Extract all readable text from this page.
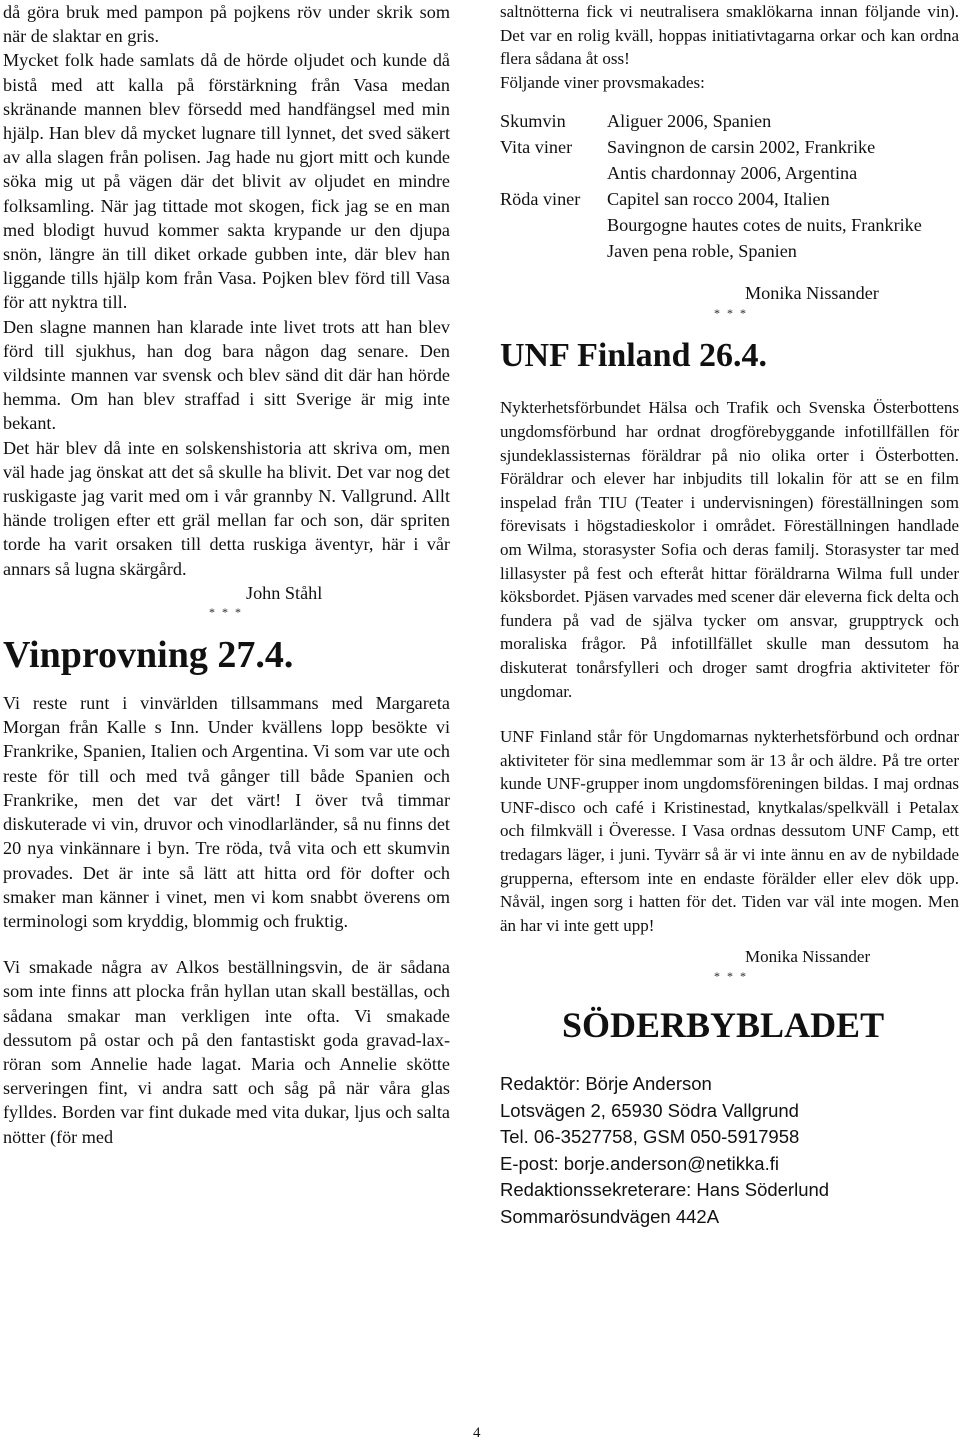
då göra bruk med pampon på pojkens röv under skrik som när de slaktar en gris.

Mycket folk hade samlats då de hörde oljudet och kunde då bistå med att kalla på förstärkning från Vasa medan skränande mannen blev försedd med handfängsel med min hjälp. Han blev då mycket lugnare till lynnet, det sved säkert av alla slagen från polisen. Jag hade nu gjort mitt och kunde söka mig ut på vägen där det blivit av oljudet en mindre folksamling. När jag tittade mot skogen, fick jag se en man med blodigt huvud kommer sakta krypande ur den djupa snön, längre än till diket orkade gubben inte, där blev han liggande tills hjälp kom från Vasa. Pojken blev förd till Vasa för att nyktra till.

Den slagne mannen han klarade inte livet trots att han blev förd till sjukhus, han dog bara någon dag senare. Den vildsinte mannen var svensk och blev sänd dit där han hörde hemma. Om han blev straffad i sitt Sverige är mig inte bekant.

Det här blev då inte en solskenshistoria att skriva om, men väl hade jag önskat att det så skulle ha blivit. Det var nog det ruskigaste jag varit med om i vår grannby N. Vallgrund. Allt hände troligen efter ett gräl mellan far och son, där spriten torde ha varit orsaken till detta ruskiga äventyr, här i vår annars så lugna skärgård.

John Ståhl
* * *
Vinprovning 27.4.

Vi reste runt i vinvärlden tillsammans med Margareta Morgan från Kalle s Inn. Under kvällens lopp besökte vi Frankrike, Spanien, Italien och Argentina. Vi som var ute och reste för till och med två gånger till både Spanien och Frankrike, men det var det värt! I över två timmar diskuterade vi vin, druvor och vinodlarländer, så nu finns det 20 nya vinkännare i byn. Tre röda, två vita och ett skumvin provades. Det är inte så lätt att hitta ord för dofter och smaker man känner i vinet, men vi kom snabbt överens om terminologi som kryddig, blommig och fruktig.

Vi smakade några av Alkos beställningsvin, de är sådana som inte finns att plocka från hyllan utan skall beställas, och sådana smakar man verkligen inte ofta. Vi smakade dessutom på ostar och på den fantastiskt goda gravad-lax-röran som Annelie hade lagat. Maria och Annelie skötte serveringen fint, vi andra satt och såg på när våra glas fylldes. Borden var fint dukade med vita dukar, ljus och salta nötter (för med

saltnötterna fick vi neutralisera smaklökarna innan följande vin). Det var en rolig kväll, hoppas initiativtagarna orkar och kan ordna flera sådana åt oss!

Följande viner provsmakades:

Skumvin	Aliguer 2006, Spanien
Vita viner	Savingnon de carsin 2002, Frankrike
Antis chardonnay 2006, Argentina
Röda viner	Capitel san rocco 2004, Italien
Bourgogne hautes cotes de nuits, Frankrike
Javen pena roble, Spanien
Monika Nissander
* * *
UNF Finland 26.4.

Nykterhetsförbundet Hälsa och Trafik och Svenska Österbottens ungdomsförbund har ordnat drogförebyggande infotillfällen för sjundeklassisternas föräldrar på nio olika orter i Österbotten. Föräldrar och elever har inbjudits till lokalin för att se en film inspelad från TIU (Teater i undervisningen) föreställningen som förevisats i högstadieskolor i området. Föreställningen handlade om Wilma, storasyster Sofia och deras familj. Storasyster tar med lillasyster på fest och efteråt hittar föräldrarna Wilma full under köksbordet. Pjäsen varvades med scener där eleverna fick delta och fundera på vad de själva tycker om ansvar, grupptryck och moraliska frågor. På infotillfället skulle man dessutom ha diskuterat tonårsfylleri och droger samt drogfria aktiviteter för ungdomar.

UNF Finland står för Ungdomarnas nykterhetsförbund och ordnar aktiviteter för sina medlemmar som är 13 år och äldre. På tre orter kunde UNF-grupper inom ungdomsföreningen bildas. I maj ordnas UNF-disco och café i Kristinestad, knytkalas/spelkväll i Petalax och filmkväll i Överesse. I Vasa ordnas dessutom UNF Camp, ett tredagars läger, i juni. Tyvärr så är vi inte ännu en av de nybildade grupperna, eftersom inte en endaste förälder eller elev dök upp. Nåväl, ingen sorg i hatten för det. Tiden var väl inte mogen. Men än har vi inte gett upp!

Monika Nissander
* * *
SÖDERBYBLADET
Redaktör: Börje Anderson
Lotsvägen 2, 65930 Södra Vallgrund
Tel. 06-3527758, GSM 050-5917958
E-post: borje.anderson@netikka.fi
Redaktionssekreterare: Hans Söderlund
Sommarösundvägen 442A
4
